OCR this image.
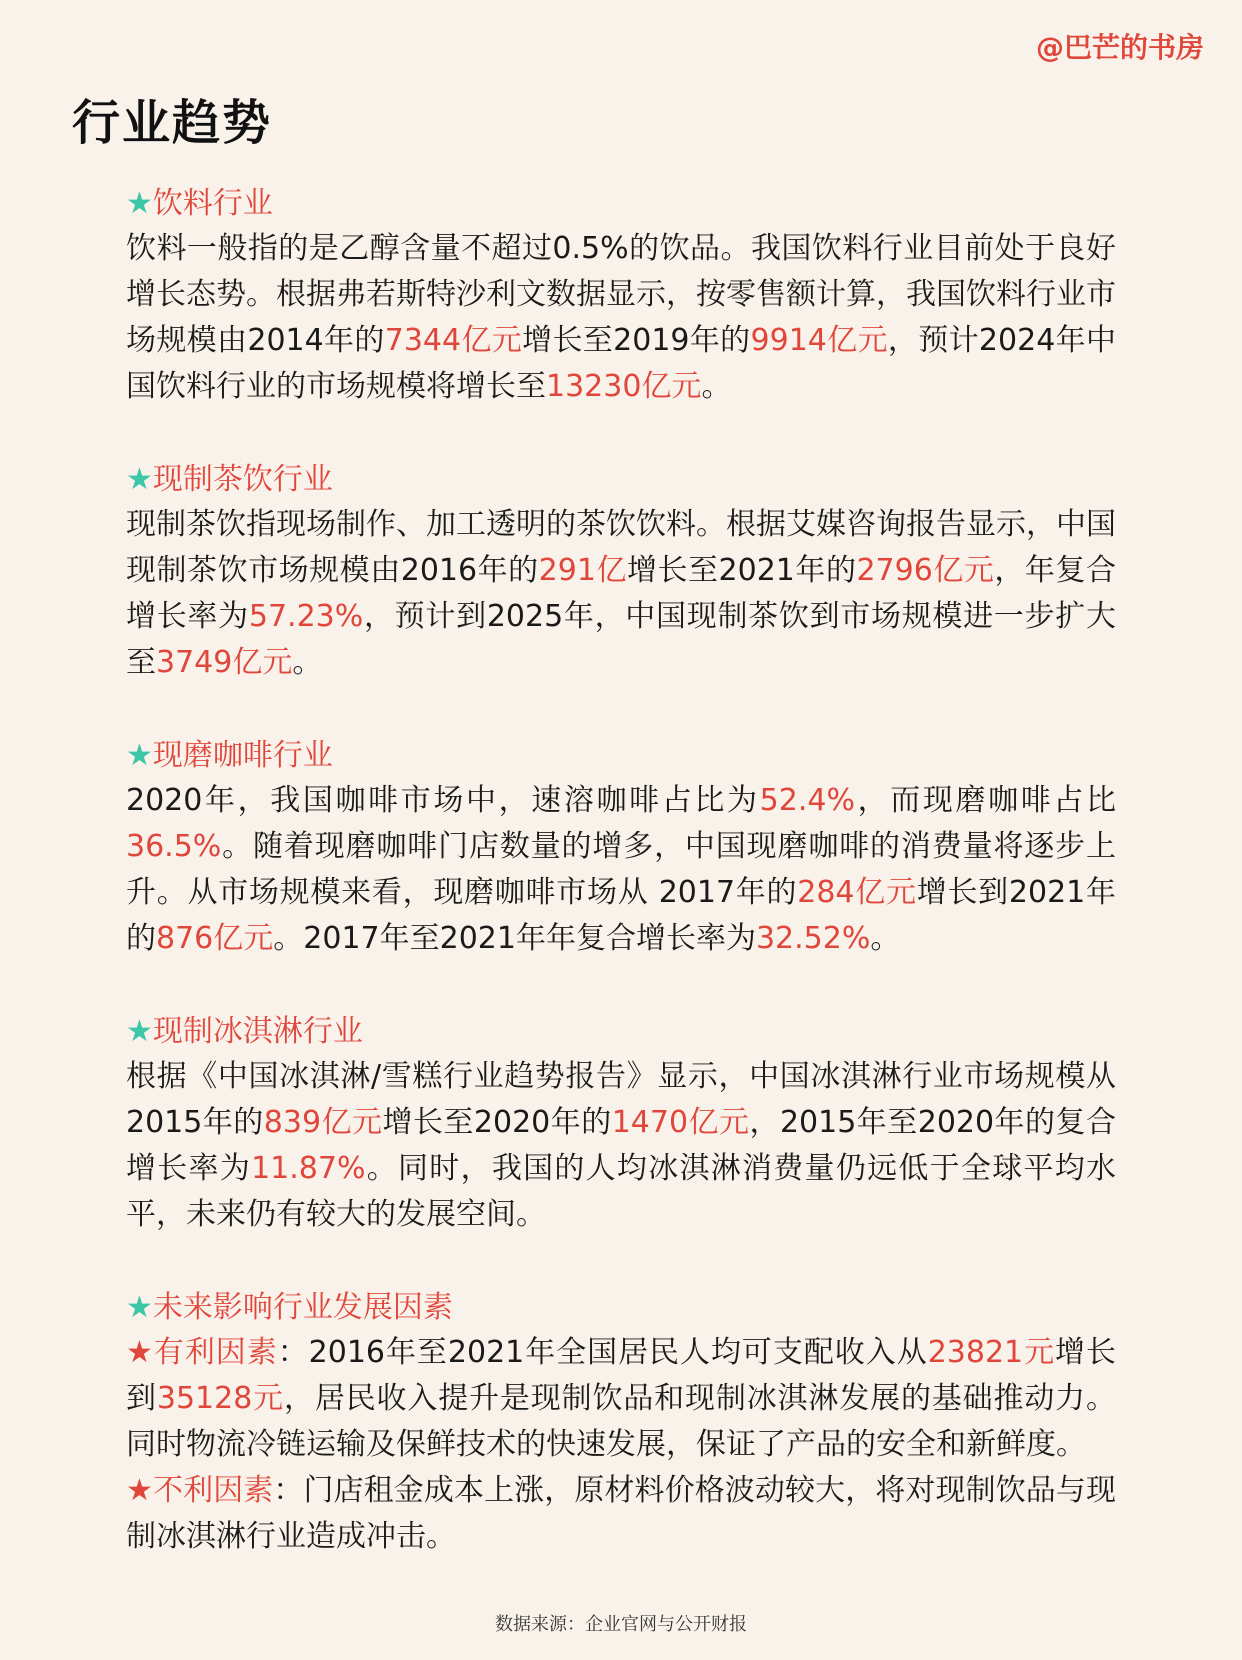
@巴芒的书房
行业趋势
★饮料行业

饮料一般指的是乙醇含量不超过0.5%的饮品。我国饮料行业目前处于良好增长态势。根据弗若斯特沙利文数据显示，按零售额计算，我国饮料行业市场规模由2014年的7344亿元增长至2019年的9914亿元，预计2024年中国饮料行业的市场规模将增长至13230亿元。

★现制茶饮行业

现制茶饮指现场制作、加工透明的茶饮饮料。根据艾媒咨询报告显示，中国现制茶饮市场规模由2016年的291亿增长至2021年的2796亿元，年复合增长率为57.23%，预计到2025年，中国现制茶饮到市场规模进一步扩大至3749亿元。

★现磨咖啡行业

2020年，我国咖啡市场中，速溶咖啡占比为52.4%，而现磨咖啡占比36.5%。随着现磨咖啡门店数量的增多，中国现磨咖啡的消费量将逐步上升。从市场规模来看，现磨咖啡市场从 2017年的284亿元增长到2021年的876亿元。2017年至2021年年复合增长率为32.52%。

★现制冰淇淋行业

根据《中国冰淇淋/雪糕行业趋势报告》显示，中国冰淇淋行业市场规模从2015年的839亿元增长至2020年的1470亿元，2015年至2020年的复合增长率为11.87%。同时，我国的人均冰淇淋消费量仍远低于全球平均水平，未来仍有较大的发展空间。

★未来影响行业发展因素

★有利因素：2016年至2021年全国居民人均可支配收入从23821元增长到35128元，居民收入提升是现制饮品和现制冰淇淋发展的基础推动力。同时物流冷链运输及保鲜技术的快速发展，保证了产品的安全和新鲜度。

★不利因素：门店租金成本上涨，原材料价格波动较大，将对现制饮品与现制冰淇淋行业造成冲击。

数据来源：企业官网与公开财报
